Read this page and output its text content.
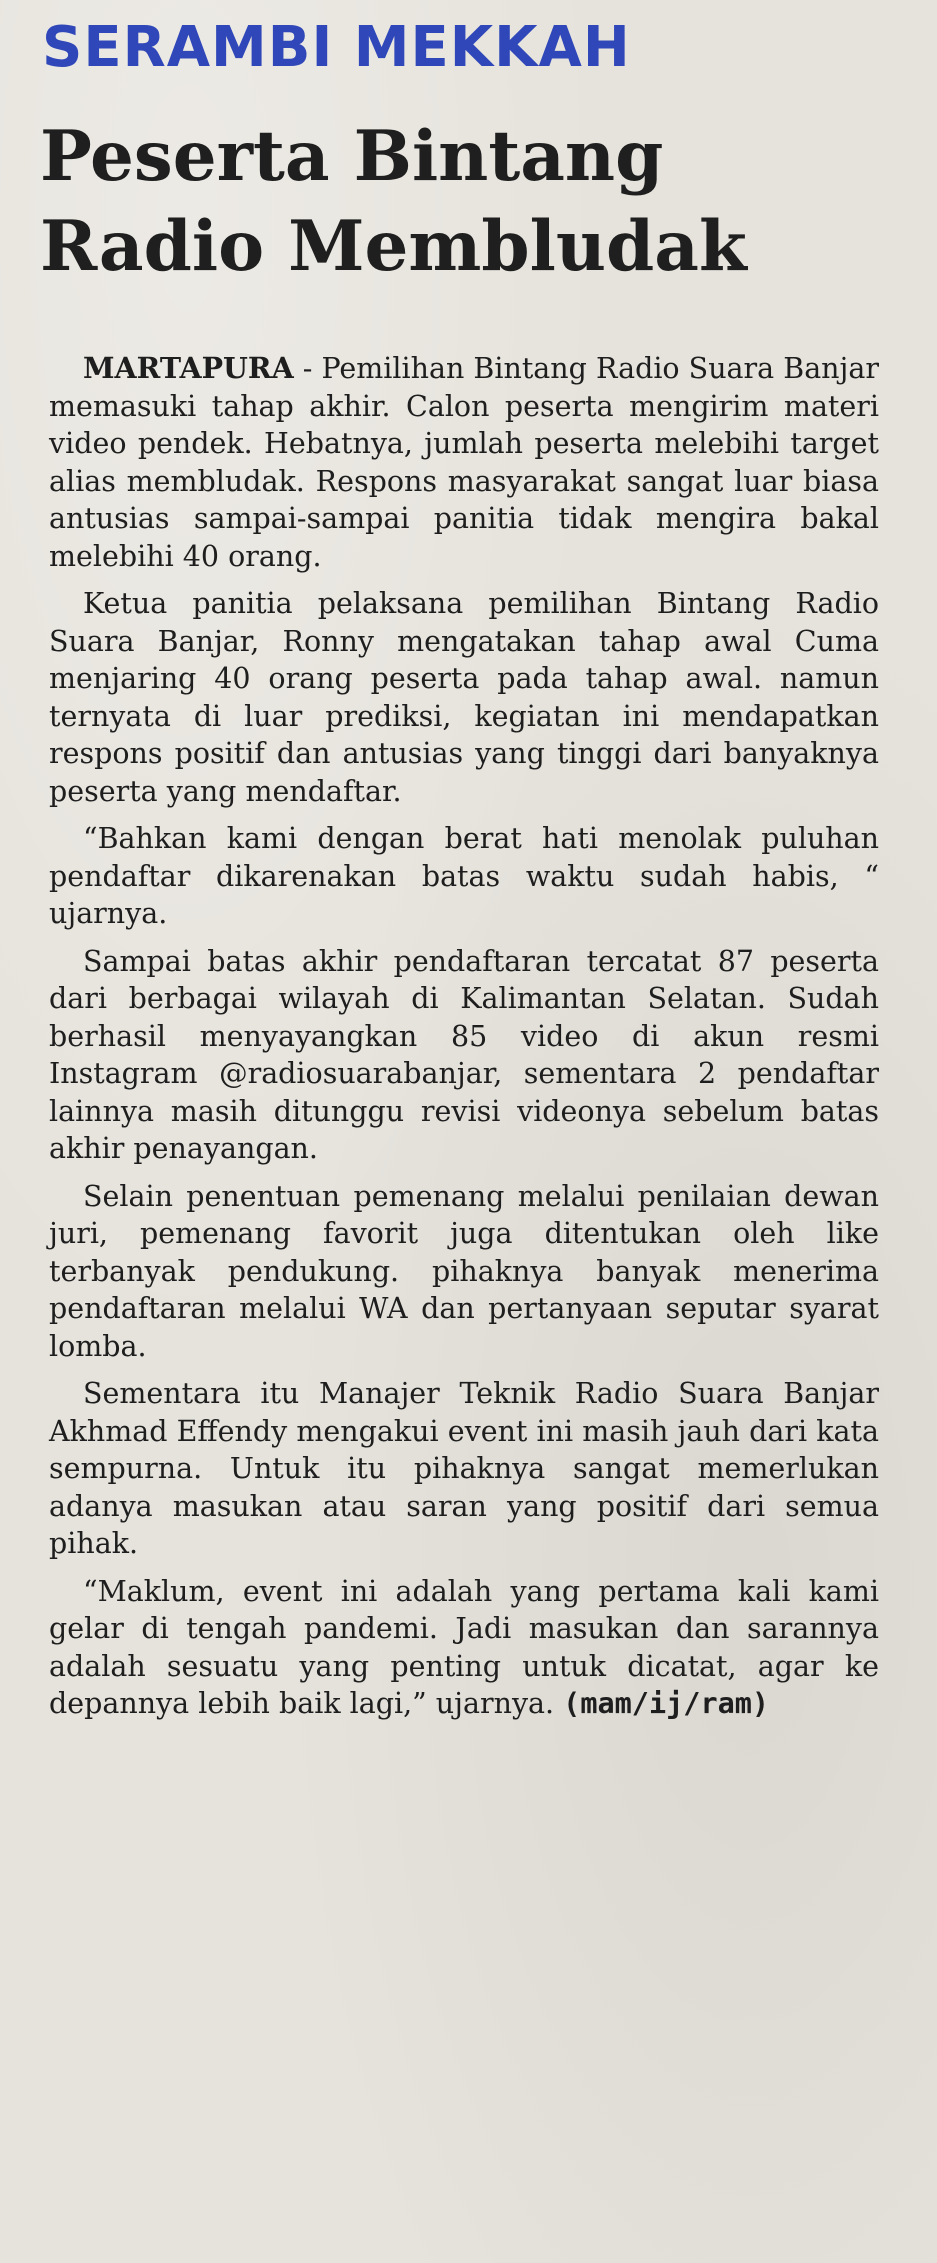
SERAMBI MEKKAH
Peserta Bintang
Radio Membludak

MARTAPURA - Pemilihan Bintang Radio Suara Banjar memasuki tahap akhir. Calon peserta mengirim materi video pendek. Hebatnya, jumlah peserta melebihi target alias membludak. Respons masyarakat sangat luar biasa antusias sampai-sampai panitia tidak mengira bakal melebihi 40 orang.

Ketua panitia pelaksana pemilihan Bintang Radio Suara Banjar, Ronny mengatakan tahap awal Cuma menjaring 40 orang peserta pada tahap awal. namun ternyata di luar prediksi, kegiatan ini mendapatkan respons positif dan antusias yang tinggi dari banyaknya peserta yang mendaftar.

“Bahkan kami dengan berat hati menolak puluhan pendaftar dikarenakan batas waktu sudah habis, “ ujarnya.

Sampai batas akhir pendaftaran tercatat 87 peserta dari berbagai wilayah di Kalimantan Selatan. Sudah berhasil menyayangkan 85 video di akun resmi Instagram @radiosuarabanjar, sementara 2 pendaftar lainnya masih ditunggu revisi videonya sebelum batas akhir penayangan.

Selain penentuan pemenang melalui penilaian dewan juri, pemenang favorit juga ditentukan oleh like terbanyak pendukung. pihaknya banyak menerima pendaftaran melalui WA dan pertanyaan seputar syarat lomba.

Sementara itu Manajer Teknik Radio Suara Banjar Akhmad Effendy mengakui event ini masih jauh dari kata sempurna. Untuk itu pihaknya sangat memerlukan adanya masukan atau saran yang positif dari semua pihak.

“Maklum, event ini adalah yang pertama kali kami gelar di tengah pandemi. Jadi masukan dan sarannya adalah sesuatu yang penting untuk dicatat, agar ke depannya lebih baik lagi,” ujarnya. (mam/ij/ram)
